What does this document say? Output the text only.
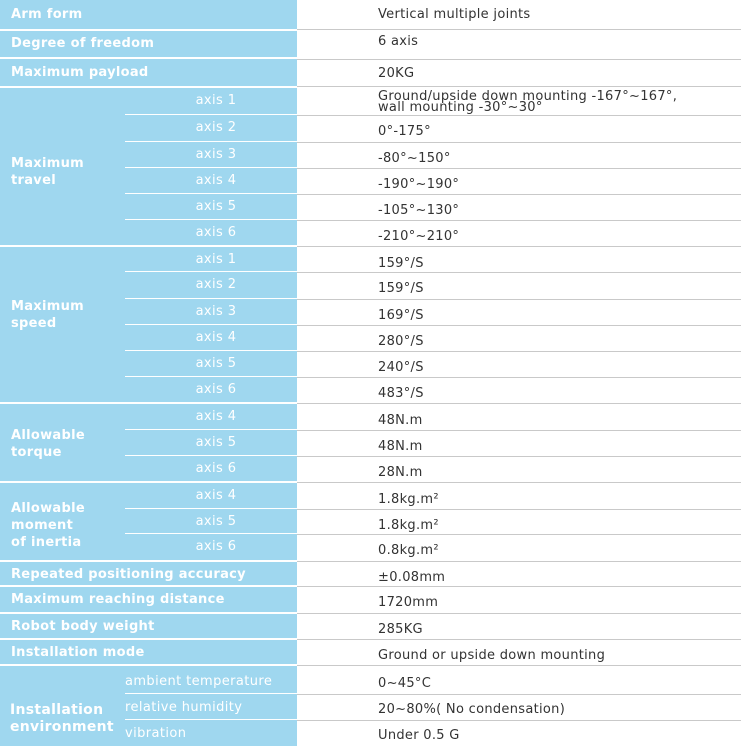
Arm form	Vertical multiple joints
Degree of freedom	6 axis
Maximum payload	20KG
Maximum
travel
axis 1	Ground/upside down mounting -167°~167°,
wall mounting -30°~30°
axis 2	0°-175°
axis 3	-80°~150°
axis 4	-190°~190°
axis 5	-105°~130°
axis 6	-210°~210°
Maximum
speed
axis 1	159°/S
axis 2	159°/S
axis 3	169°/S
axis 4	280°/S
axis 5	240°/S
axis 6	483°/S
Allowable
torque
axis 4	48N.m
axis 5	48N.m
axis 6	28N.m
Allowable
moment
of inertia
axis 4	1.8kg.m²
axis 5	1.8kg.m²
axis 6	0.8kg.m²
Repeated positioning accuracy	±0.08mm
Maximum reaching distance	1720mm
Robot body weight	285KG
Installation mode	Ground or upside down mounting
Installation
environment
ambient temperature	0~45°C
relative humidity	20~80%( No condensation)
vibration	Under 0.5 G
